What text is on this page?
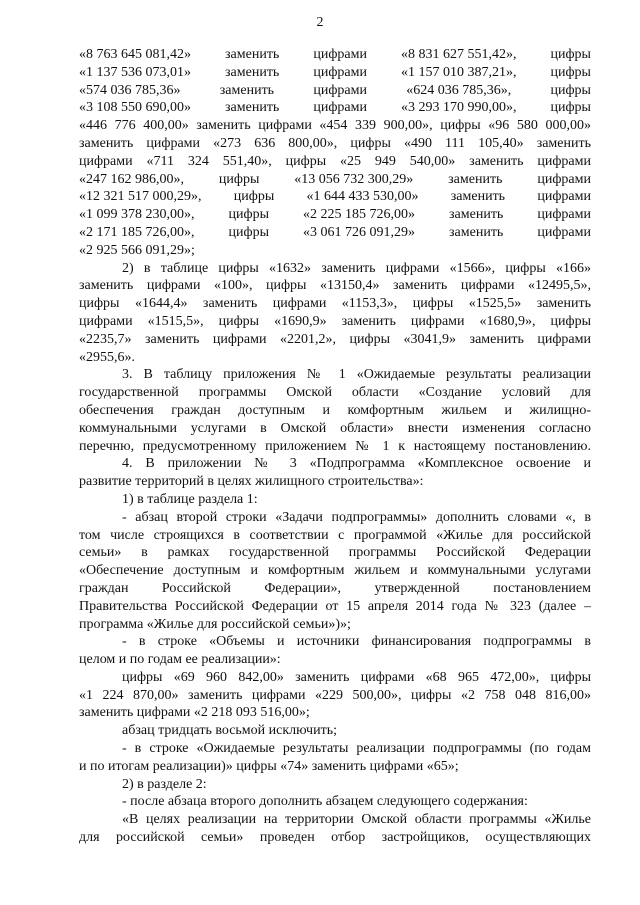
2
«8 763 645 081,42» заменить цифрами «8 831 627 551,42», цифры
«1 137 536 073,01» заменить цифрами «1 157 010 387,21», цифры
«574 036 785,36»	заменить	цифрами	«624 036 785,36»,	цифры
«3 108 550 690,00» заменить цифрами «3 293 170 990,00», цифры
«446 776 400,00» заменить цифрами «454 339 900,00», цифры «96 580 000,00»
заменить цифрами «273 636 800,00», цифры «490 111 105,40» заменить
цифрами «711 324 551,40», цифры «25 949 540,00» заменить цифрами
«247 162 986,00», цифры «13 056 732 300,29» заменить цифрами
«12 321 517 000,29», цифры «1 644 433 530,00» заменить цифрами
«1 099 378 230,00», цифры «2 225 185 726,00» заменить цифрами
«2 171 185 726,00», цифры «3 061 726 091,29» заменить цифрами
«2 925 566 091,29»;
2) в таблице цифры «1632» заменить цифрами «1566», цифры «166»
заменить цифрами «100», цифры «13150,4» заменить цифрами «12495,5»,
цифры «1644,4» заменить цифрами «1153,3», цифры «1525,5» заменить
цифрами «1515,5», цифры «1690,9» заменить цифрами «1680,9», цифры
«2235,7» заменить цифрами «2201,2», цифры «3041,9» заменить цифрами
«2955,6».
3. В таблицу приложения № 1 «Ожидаемые результаты реализации
государственной программы Омской области «Создание условий для
обеспечения граждан доступным и комфортным жильем и жилищно-
коммунальными услугами в Омской области» внести изменения согласно
перечню, предусмотренному приложением № 1 к настоящему постановлению.
4. В приложении № 3 «Подпрограмма «Комплексное освоение и
развитие территорий в целях жилищного строительства»:
1) в таблице раздела 1:
- абзац второй строки «Задачи подпрограммы» дополнить словами «, в
том числе строящихся в соответствии с программой «Жилье для российской
семьи» в рамках государственной программы Российской Федерации
«Обеспечение доступным и комфортным жильем и коммунальными услугами
граждан Российской Федерации», утвержденной постановлением
Правительства Российской Федерации от 15 апреля 2014 года № 323 (далее –
программа «Жилье для российской семьи»)»;
- в строке «Объемы и источники финансирования подпрограммы в
целом и по годам ее реализации»:
цифры «69 960 842,00» заменить цифрами «68 965 472,00», цифры
«1 224 870,00» заменить цифрами «229 500,00», цифры «2 758 048 816,00»
заменить цифрами «2 218 093 516,00»;
абзац тридцать восьмой исключить;
- в строке «Ожидаемые результаты реализации подпрограммы (по годам
и по итогам реализации)» цифры «74» заменить цифрами «65»;
2) в разделе 2:
- после абзаца второго дополнить абзацем следующего содержания:
«В целях реализации на территории Омской области программы «Жилье
для российской семьи» проведен отбор застройщиков, осуществляющих
